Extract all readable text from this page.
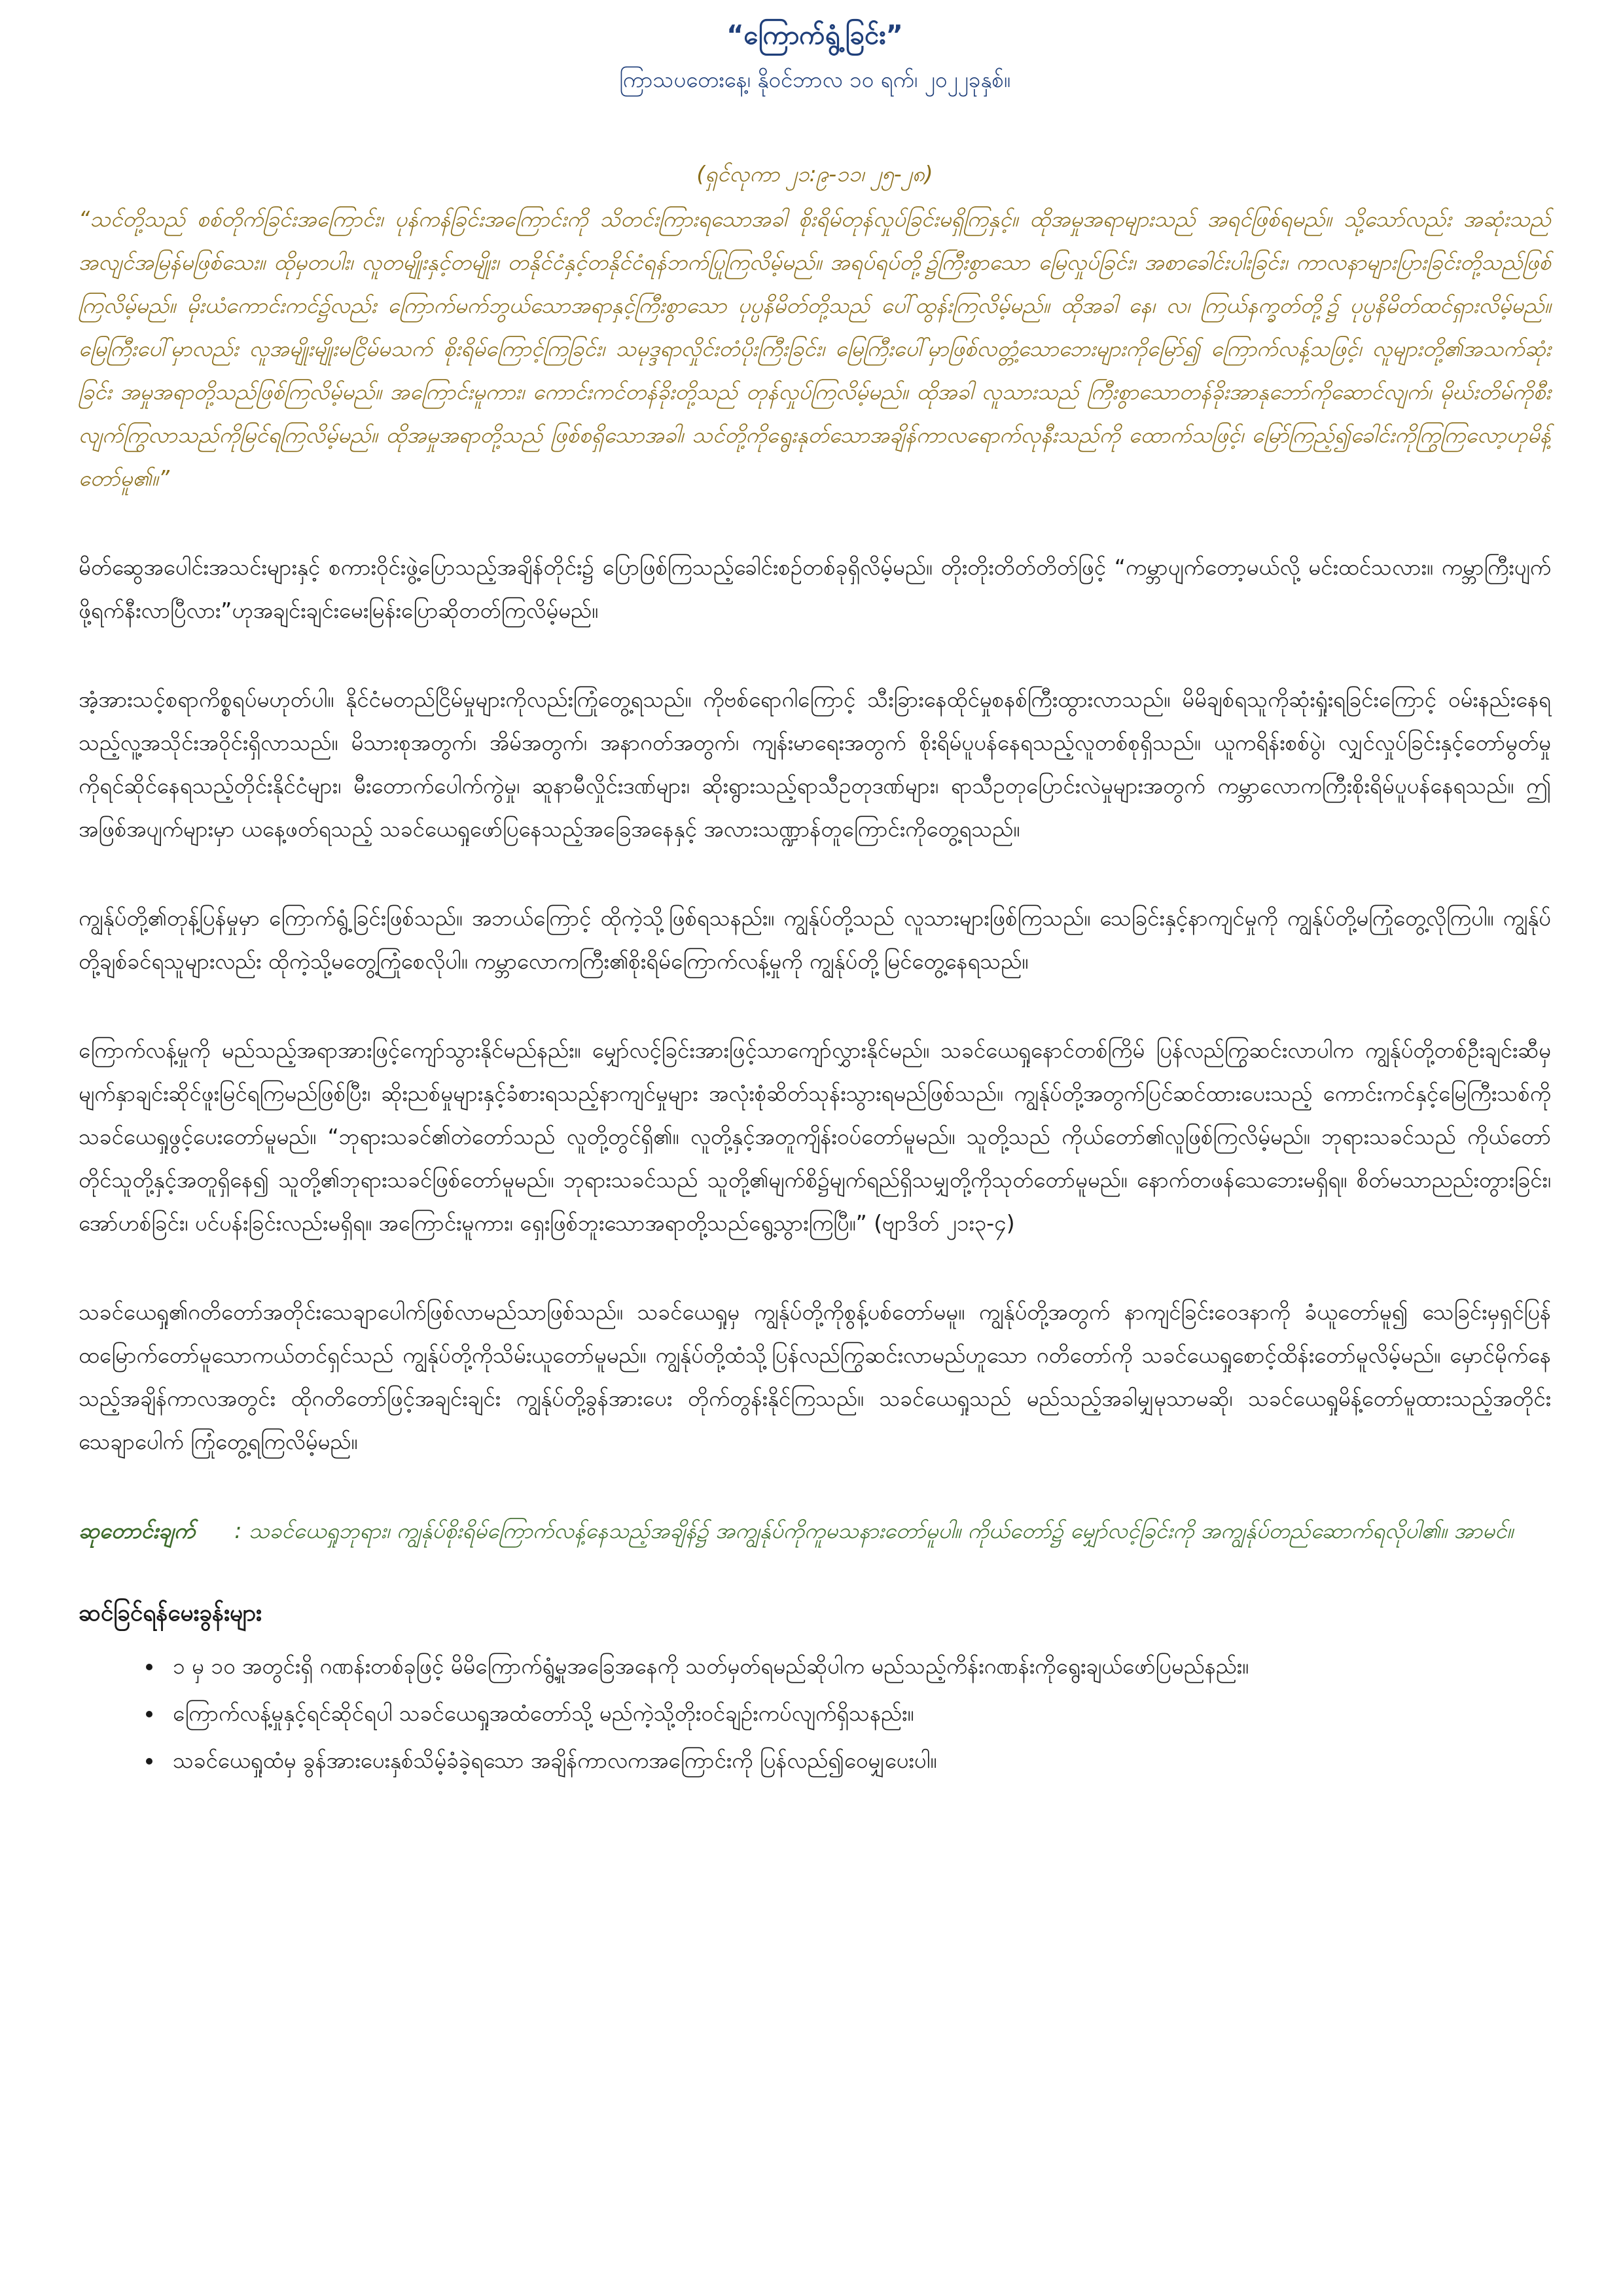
“ကြောက်ရွံ့ခြင်း”
ကြာသပတေးနေ့၊ နိုဝင်ဘာလ ၁၀ ရက်၊ ၂၀၂၂ခုနှစ်။
(ရှင်လုကာ ၂၁:၉-၁၁၊ ၂၅-၂၈)
“သင်တို့သည် စစ်တိုက်ခြင်းအကြောင်း၊ ပုန်ကန်ခြင်းအကြောင်းကို သိတင်းကြားရသောအခါ စိုးရိမ်တုန်လှုပ်ခြင်းမရှိကြနှင့်။ ထိုအမှုအရာများသည် အရင်ဖြစ်ရမည်။ သို့သော်လည်း အဆုံးသည် အလျင်အမြန်မဖြစ်သေး။ ထိုမှတပါး၊ လူတမျိုးနှင့်တမျိုး၊ တနိုင်ငံနှင့်တနိုင်ငံရန်ဘက်ပြုကြလိမ့်မည်။ အရပ်ရပ်တို့၌ကြီးစွာသော မြေလှုပ်ခြင်း၊ အစာခေါင်းပါးခြင်း၊ ကာလနာများပြားခြင်းတို့သည်ဖြစ်ကြလိမ့်မည်။ မိုးယံကောင်းကင်၌လည်း ကြောက်မက်ဘွယ်သောအရာနှင့်ကြီးစွာသော ပုပ္ပနိမိတ်တို့သည် ပေါ်ထွန်းကြလိမ့်မည်။ ထိုအခါ နေ၊ လ၊ ကြယ်နက္ခတ်တို့၌ ပုပ္ပနိမိတ်ထင်ရှားလိမ့်မည်။ မြေကြီးပေါ်မှာလည်း လူအမျိုးမျိုးမငြိမ်မသက် စိုးရိမ်ကြောင့်ကြခြင်း၊ သမုဒ္ဒရာလှိုင်းတံပိုးကြီးခြင်း၊ မြေကြီးပေါ်မှာဖြစ်လတ္တံ့သောဘေးများကိုမြော်၍ ကြောက်လန့်သဖြင့်၊ လူများတို့၏အသက်ဆုံးခြင်း အမှုအရာတို့သည်ဖြစ်ကြလိမ့်မည်။ အကြောင်းမူကား၊ ကောင်းကင်တန်ခိုးတို့သည် တုန်လှုပ်ကြလိမ့်မည်။ ထိုအခါ လူသားသည် ကြီးစွာသောတန်ခိုးအာနုဘော်ကိုဆောင်လျက်၊ မိုဃ်းတိမ်ကိုစီးလျက်ကြွလာသည်ကိုမြင်ရကြလိမ့်မည်။ ထိုအမှုအရာတို့သည် ဖြစ်စရှိသောအခါ၊ သင်တို့ကိုရွေးနုတ်သောအချိန်ကာလရောက်လုနီးသည်ကို ထောက်သဖြင့်၊ မြော်ကြည့်၍ခေါင်းကိုကြွကြလော့ဟုမိန့်တော်မူ၏။”
မိတ်ဆွေအပေါင်းအသင်းများနှင့် စကားဝိုင်းဖွဲ့ပြောသည့်အချိန်တိုင်း၌ ပြောဖြစ်ကြသည့်ခေါင်းစဉ်တစ်ခုရှိလိမ့်မည်။ တိုးတိုးတိတ်တိတ်ဖြင့် “ကမ္ဘာပျက်တော့မယ်လို့ မင်းထင်သလား။ ကမ္ဘာကြီးပျက်ဖို့ရက်နီးလာပြီလား”ဟုအချင်းချင်းမေးမြန်းပြောဆိုတတ်ကြလိမ့်မည်။
အံ့အားသင့်စရာကိစ္စရပ်မဟုတ်ပါ။ နိုင်ငံမတည်ငြိမ်မှုများကိုလည်းကြုံတွေ့ရသည်။ ကိုဗစ်ရောဂါကြောင့် သီးခြားနေထိုင်မှုစနစ်ကြီးထွားလာသည်။ မိမိချစ်ရသူကိုဆုံးရှုံးရခြင်းကြောင့် ဝမ်းနည်းနေရသည့်လူ့အသိုင်းအဝိုင်းရှိလာသည်။ မိသားစုအတွက်၊ အိမ်အတွက်၊ အနာဂတ်အတွက်၊ ကျန်းမာရေးအတွက် စိုးရိမ်ပူပန်နေရသည့်လူတစ်စုရှိသည်။ ယူကရိန်းစစ်ပွဲ၊ လျှင်လှုပ်ခြင်းနှင့်တော်မွတ်မှုကိုရင်ဆိုင်နေရသည့်တိုင်းနိုင်ငံများ၊ မီးတောက်ပေါက်ကွဲမှု၊ ဆူနာမီလှိုင်းဒဏ်များ၊ ဆိုးရွားသည့်ရာသီဥတုဒဏ်များ၊ ရာသီဥတုပြောင်းလဲမှုများအတွက် ကမ္ဘာလောကကြီးစိုးရိမ်ပူပန်နေရသည်။ ဤအဖြစ်အပျက်များမှာ ယနေ့ဖတ်ရသည့် သခင်ယေရှုဖော်ပြနေသည့်အခြေအနေနှင့် အလားသဏ္ဍာန်တူကြောင်းကိုတွေ့ရသည်။
ကျွန်ုပ်တို့၏တုန့်ပြန်မှုမှာ ကြောက်ရွံ့ခြင်းဖြစ်သည်။ အဘယ်ကြောင့် ထိုကဲ့သို့ဖြစ်ရသနည်း။ ကျွန်ုပ်တို့သည် လူသားများဖြစ်ကြသည်။ သေခြင်းနှင့်နာကျင်မှုကို ကျွန်ုပ်တို့မကြုံတွေ့လိုကြပါ။ ကျွန်ုပ်တို့ချစ်ခင်ရသူများလည်း ထိုကဲ့သို့မတွေ့ကြုံစေလိုပါ။ ကမ္ဘာလောကကြီး၏စိုးရိမ်ကြောက်လန့်မှုကို ကျွန်ုပ်တို့မြင်တွေ့နေရသည်။
ကြောက်လန့်မှုကို မည်သည့်အရာအားဖြင့်ကျော်သွားနိုင်မည်နည်း။ မျှော်လင့်ခြင်းအားဖြင့်သာကျော်လွှားနိုင်မည်။ သခင်ယေရှုနောင်တစ်ကြိမ် ပြန်လည်ကြွဆင်းလာပါက ကျွန်ုပ်တို့တစ်ဦးချင်းဆီမှ မျက်နှာချင်းဆိုင်ဖူးမြင်ရကြမည်ဖြစ်ပြီး၊ ဆိုးညစ်မှုများနှင့်ခံစားရသည့်နာကျင်မှုများ အလုံးစုံဆိတ်သုန်းသွားရမည်ဖြစ်သည်။ ကျွန်ုပ်တို့အတွက်ပြင်ဆင်ထားပေးသည့် ကောင်းကင်နှင့်မြေကြီးသစ်ကို သခင်ယေရှုဖွင့်ပေးတော်မူမည်။ “ဘုရားသခင်၏တဲတော်သည် လူတို့တွင်ရှိ၏။ လူတို့နှင့်အတူကျိန်းဝပ်တော်မူမည်။ သူတို့သည် ကိုယ်တော်၏လူဖြစ်ကြလိမ့်မည်။ ဘုရားသခင်သည် ကိုယ်တော်တိုင်သူတို့နှင့်အတူရှိနေ၍ သူတို့၏ဘုရားသခင်ဖြစ်တော်မူမည်။ ဘုရားသခင်သည် သူတို့၏မျက်စိ၌မျက်ရည်ရှိသမျှတို့ကိုသုတ်တော်မူမည်။ နောက်တဖန်သေဘေးမရှိရ။ စိတ်မသာညည်းတွားခြင်း၊ အော်ဟစ်ခြင်း၊ ပင်ပန်းခြင်းလည်းမရှိရ။ အကြောင်းမူကား၊ ရှေးဖြစ်ဘူးသောအရာတို့သည်ရွေ့သွားကြပြီ။” (ဗျာဒိတ် ၂၁း၃-၄)
သခင်ယေရှု၏ဂတိတော်အတိုင်းသေချာပေါက်ဖြစ်လာမည်သာဖြစ်သည်။ သခင်ယေရှုမှ ကျွန်ုပ်တို့ကိုစွန့်ပစ်တော်မမူ။ ကျွန်ုပ်တို့အတွက် နာကျင်ခြင်းဝေဒနာကို ခံယူတော်မူ၍ သေခြင်းမှရှင်ပြန်ထမြောက်တော်မူသောကယ်တင်ရှင်သည် ကျွန်ုပ်တို့ကိုသိမ်းယူတော်မူမည်။ ကျွန်ုပ်တို့ထံသို့ပြန်လည်ကြွဆင်းလာမည်ဟူသော ဂတိတော်ကို သခင်ယေရှုစောင့်ထိန်းတော်မူလိမ့်မည်။ မှောင်မိုက်နေသည့်အချိန်ကာလအတွင်း ထိုဂတိတော်ဖြင့်အချင်းချင်း ကျွန်ုပ်တို့ခွန်အားပေး တိုက်တွန်းနိုင်ကြသည်။ သခင်ယေရှုသည် မည်သည့်အခါမျှမုသာမဆို၊ သခင်ယေရှုမိန့်တော်မူထားသည့်အတိုင်း သေချာပေါက် ကြုံတွေ့ရကြလိမ့်မည်။
ဆုတောင်းချက် : သခင်ယေရှုဘုရား၊ ကျွန်ုပ်စိုးရိမ်ကြောက်လန့်နေသည့်အချိန်၌ အကျွန်ုပ်ကိုကူမသနားတော်မူပါ။ ကိုယ်တော်၌ မျှော်လင့်ခြင်းကို အကျွန်ုပ်တည်ဆောက်ရလိုပါ၏။ အာမင်။
ဆင်ခြင်ရန်မေးခွန်းများ
• ၁ မှ ၁၀ အတွင်းရှိ ဂဏန်းတစ်ခုဖြင့် မိမိကြောက်ရွံ့မှုအခြေအနေကို သတ်မှတ်ရမည်ဆိုပါက မည်သည့်ကိန်းဂဏန်းကိုရွေးချယ်ဖော်ပြမည်နည်း။
• ကြောက်လန့်မှုနှင့်ရင်ဆိုင်ရပါ သခင်ယေရှုအထံတော်သို့ မည်ကဲ့သို့တိုးဝင်ချဉ်းကပ်လျက်ရှိသနည်း။
• သခင်ယေရှုထံမှ ခွန်အားပေးနှစ်သိမ့်ခံခဲ့ရသော အချိန်ကာလကအကြောင်းကို ပြန်လည်၍ဝေမျှပေးပါ။
